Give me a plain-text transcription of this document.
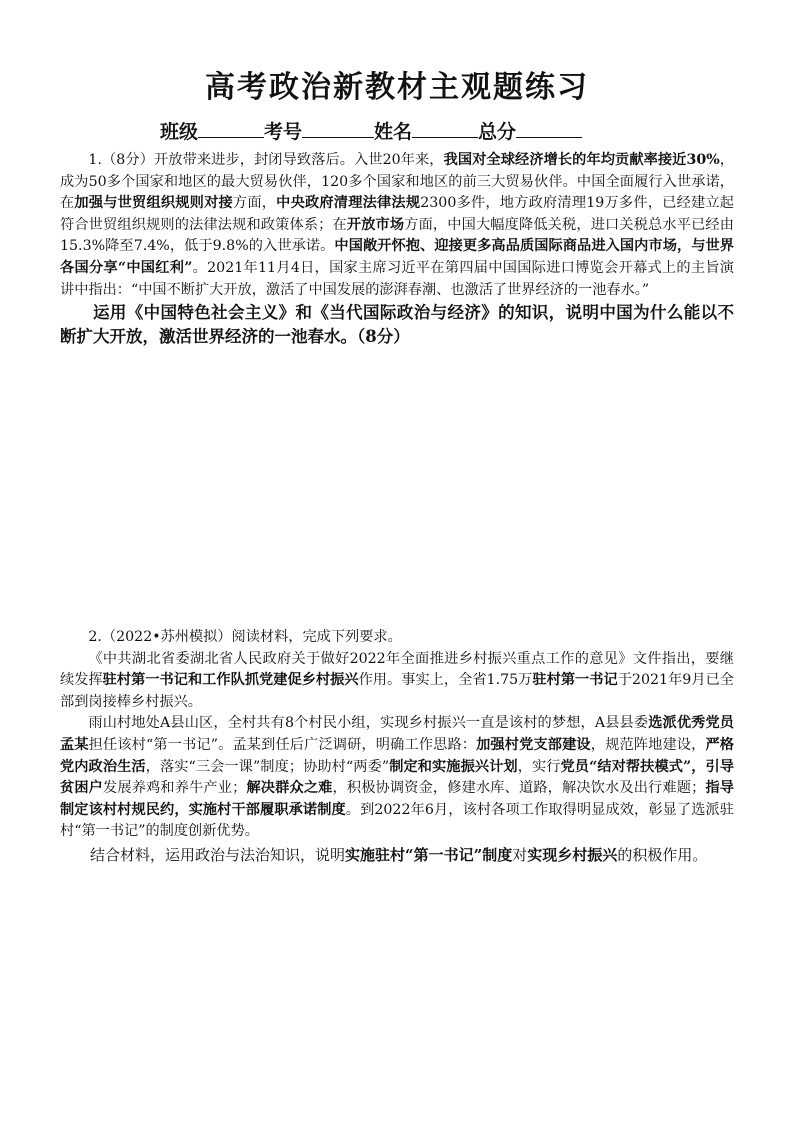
高考政治新教材主观题练习
班级	考号	姓名	总分

1.（8分）开放带来进步，封闭导致落后。入世20年来，我国对全球经济增长的年均贡献率接近30%，成为50多个国家和地区的最大贸易伙伴，120多个国家和地区的前三大贸易伙伴。中国全面履行入世承诺，在加强与世贸组织规则对接方面，中央政府清理法律法规2300多件，地方政府清理19万多件，已经建立起符合世贸组织规则的法律法规和政策体系；在开放市场方面，中国大幅度降低关税，进口关税总水平已经由15.3%降至7.4%，低于9.8%的入世承诺。中国敞开怀抱、迎接更多高品质国际商品进入国内市场，与世界各国分享“中国红利”。2021年11月4日，国家主席习近平在第四届中国国际进口博览会开幕式上的主旨演讲中指出：“中国不断扩大开放，激活了中国发展的澎湃春潮、也激活了世界经济的一池春水。”

运用《中国特色社会主义》和《当代国际政治与经济》的知识，说明中国为什么能以不断扩大开放，激活世界经济的一池春水。（8分）

2.（2022•苏州模拟）阅读材料，完成下列要求。

《中共湖北省委湖北省人民政府关于做好2022年全面推进乡村振兴重点工作的意见》文件指出，要继续发挥驻村第一书记和工作队抓党建促乡村振兴作用。事实上，全省1.75万驻村第一书记于2021年9月已全部到岗接棒乡村振兴。

雨山村地处A县山区，全村共有8个村民小组，实现乡村振兴一直是该村的梦想，A县县委选派优秀党员孟某担任该村“第一书记”。孟某到任后广泛调研，明确工作思路：加强村党支部建设，规范阵地建设，严格党内政治生活，落实“三会一课”制度；协助村“两委”制定和实施振兴计划，实行党员“结对帮扶模式”，引导贫困户发展养鸡和养牛产业；解决群众之难，积极协调资金，修建水库、道路，解决饮水及出行难题；指导制定该村村规民约，实施村干部履职承诺制度。到2022年6月，该村各项工作取得明显成效，彰显了选派驻村“第一书记”的制度创新优势。

结合材料，运用政治与法治知识，说明实施驻村“第一书记”制度对实现乡村振兴的积极作用。
